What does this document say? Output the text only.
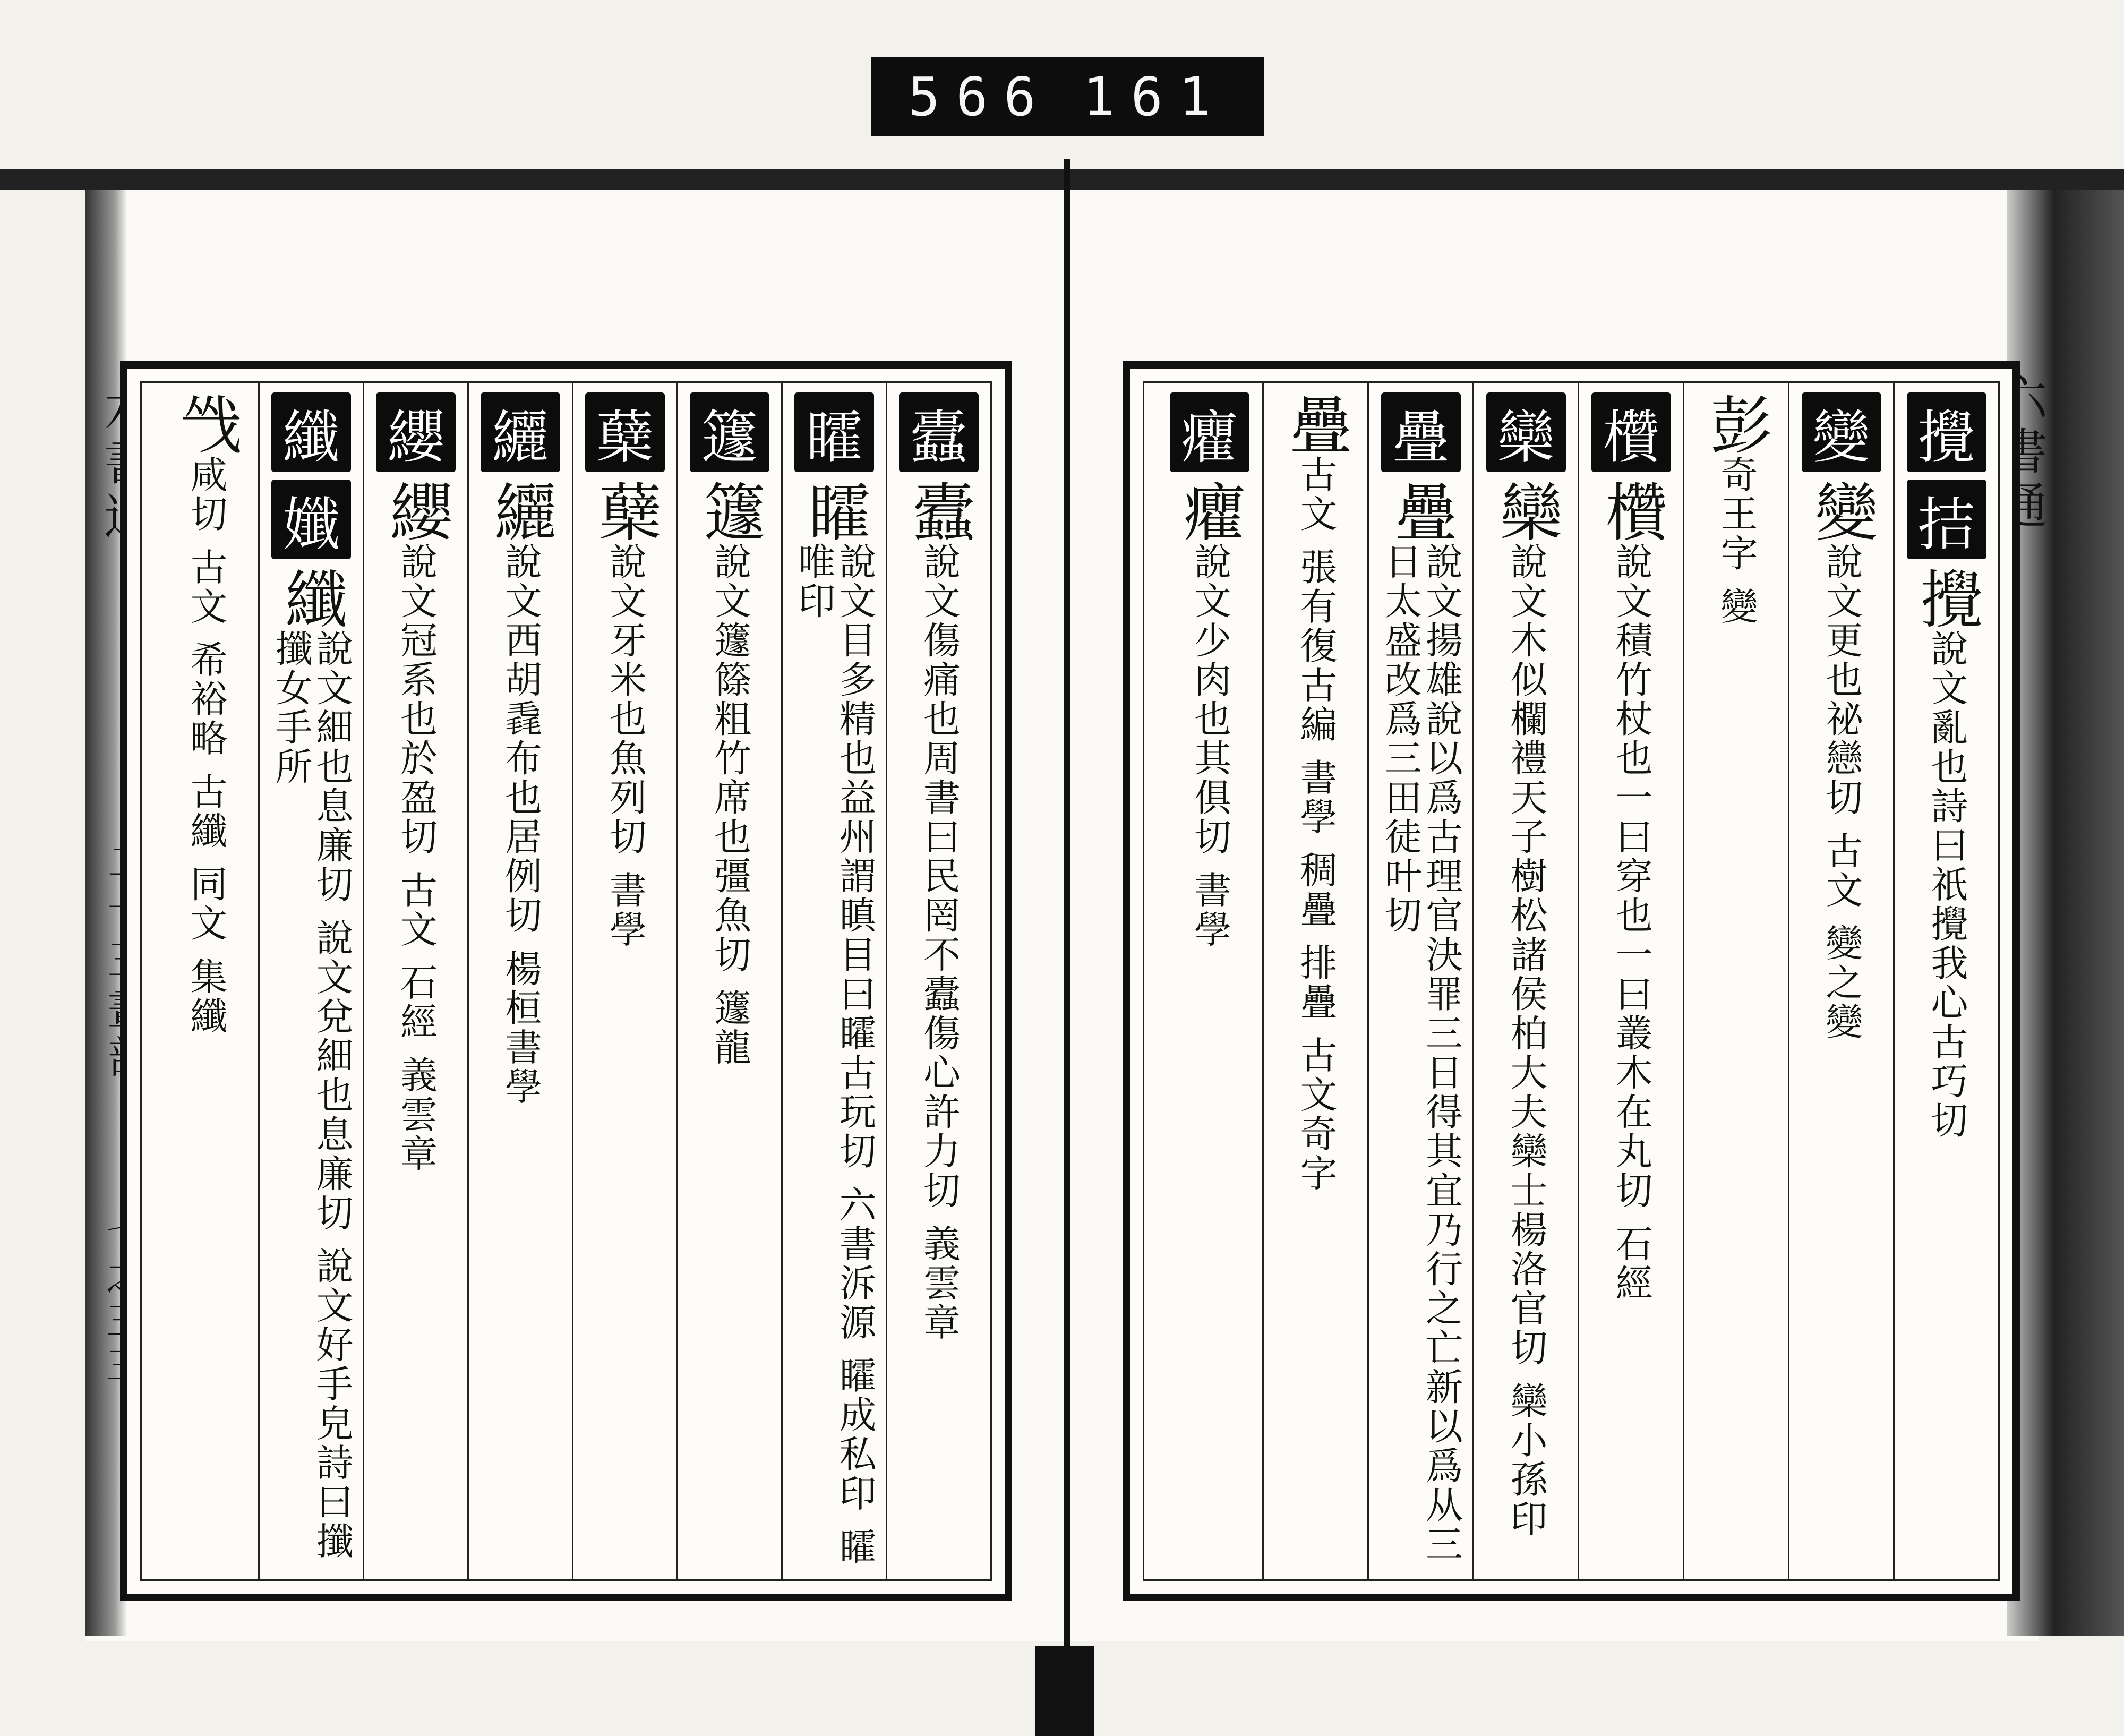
566 161
蠹
蠹
說文傷痛也周書曰民罔不蠹傷心許力切 義雲章
矐
矐
說文目多精也益州謂瞋目曰矐古玩切 六書泝源 矐成私印 矐唯印
籧
籧
說文籧篨粗竹席也彊魚切 籧龍
蘖
蘖
說文牙米也魚列切 書學
纚
纚
說文西胡毳布也居例切 楊桓書學
纓
纓
說文冠系也於盈切 古文 石經 義雲章
纖
孅
纖
說文細也息廉切 說文兌細也息廉切 說文好手皃詩曰攕攕女手所
㦰
咸切 古文 希裕略 古纖 同文 集纖
攪
拮
攪
說文亂也詩曰祇攪我心古巧切
變
變
說文更也祕戀切 古文 變之變
彭
奇王字 變
欑
欑
說文積竹杖也一曰穿也一曰叢木在丸切 石經
欒
欒
說文木似欄禮天子樹松諸侯柏大夫欒士楊洛官切 欒小孫印
疊
疊
說文揚雄說以爲古理官決罪三日得其宜乃行之亡新以爲从三日太盛改爲三田徒叶切
疊
古文 張有復古編 書學 稠疊 排疊 古文奇字
癯
癯
說文少肉也其俱切 書學
